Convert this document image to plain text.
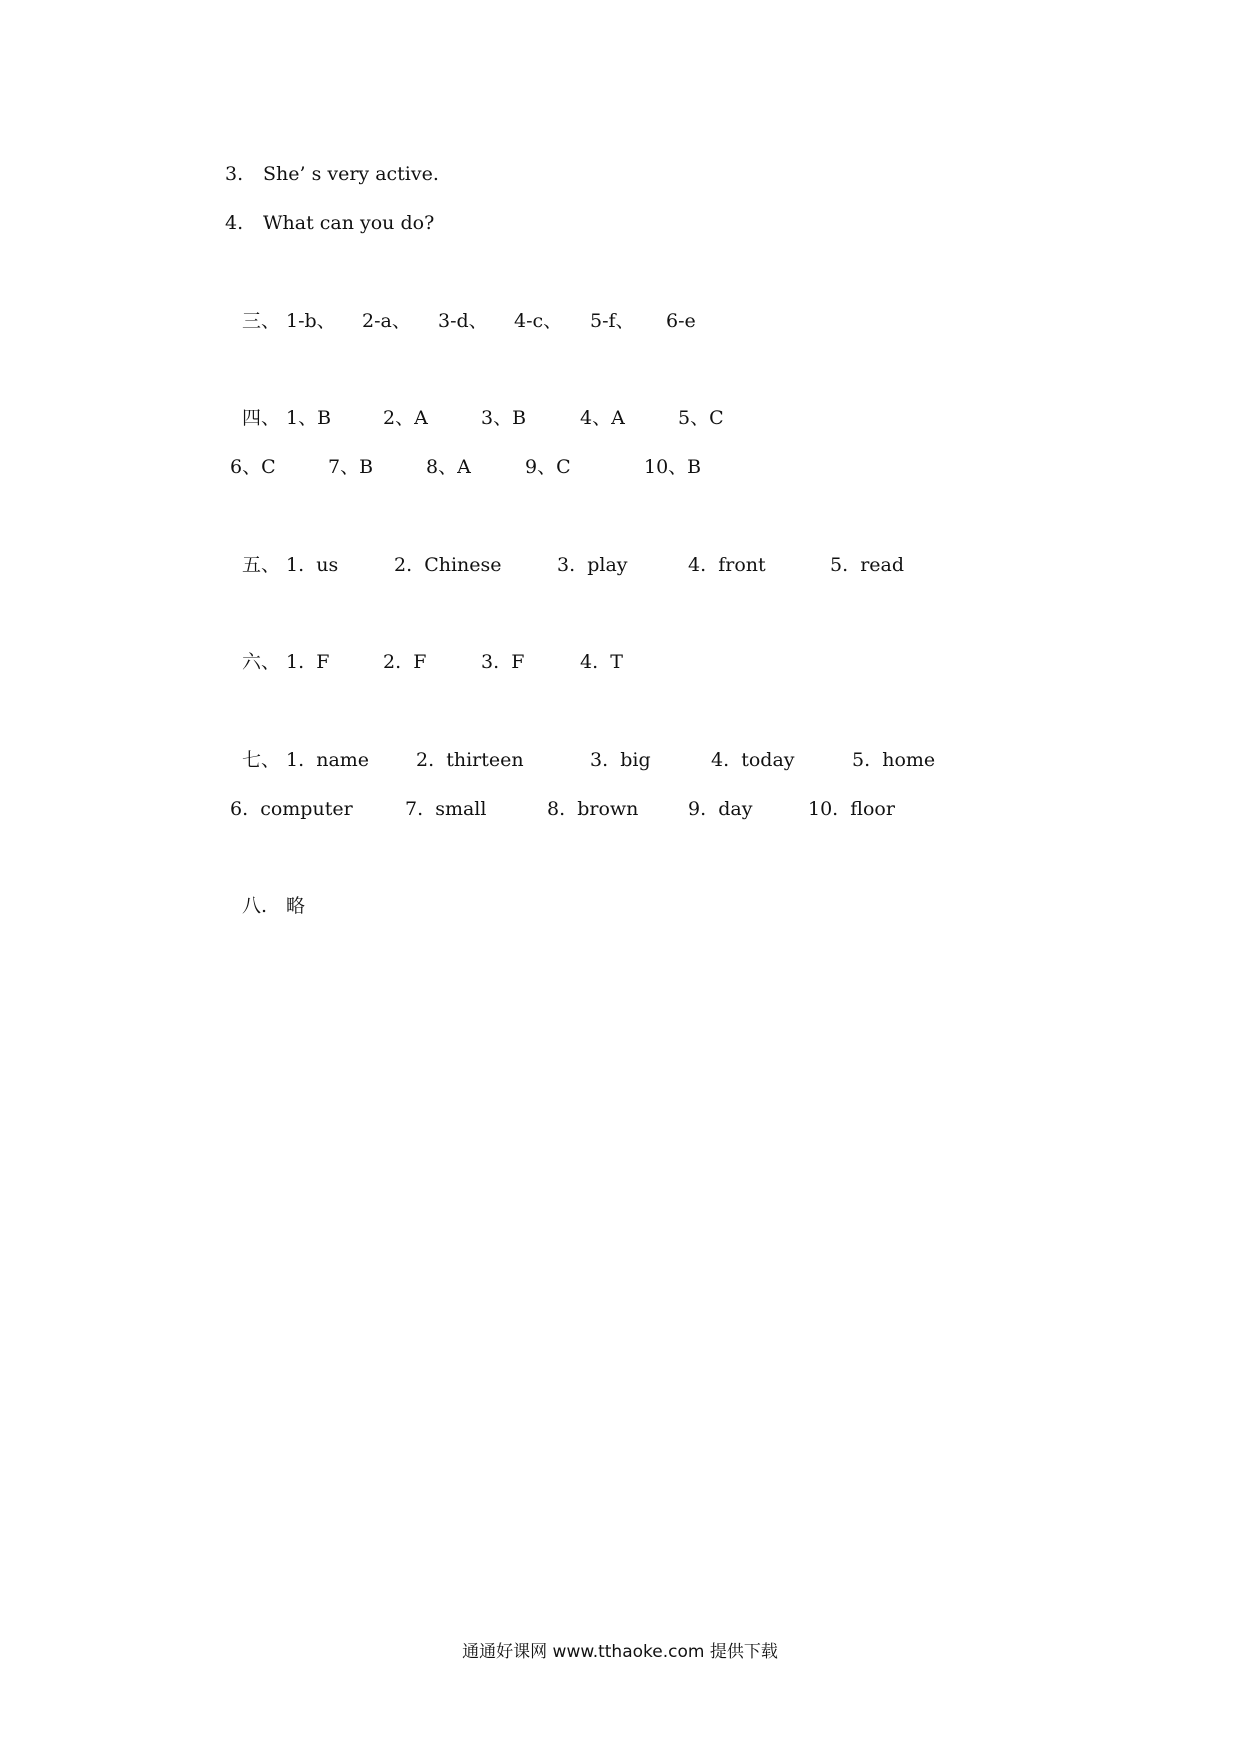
3.

She’ s very active.

4.

What can you do?

三、

1-b、

2-a、

3-d、

4-c、

5-f、

6-e

四、

1、B

	2、A

	3、B

	4、A

	5、C

6、C

	7、B

	8、A

	9、C

	10、B

五、

1.  us

	2.  Chinese

	3.  play

	4.  front

	5.  read

六、

1.  F

	2.  F

	3.  F

	4.  T

七、

1.  name

2.  thirteen

	3.  big

	4.  today

	5.  home

6.  computer

	7.  small

	8.  brown

	9.  day

	10.  floor

八.

略

通通好课网 www.tthaoke.com 提供下载
